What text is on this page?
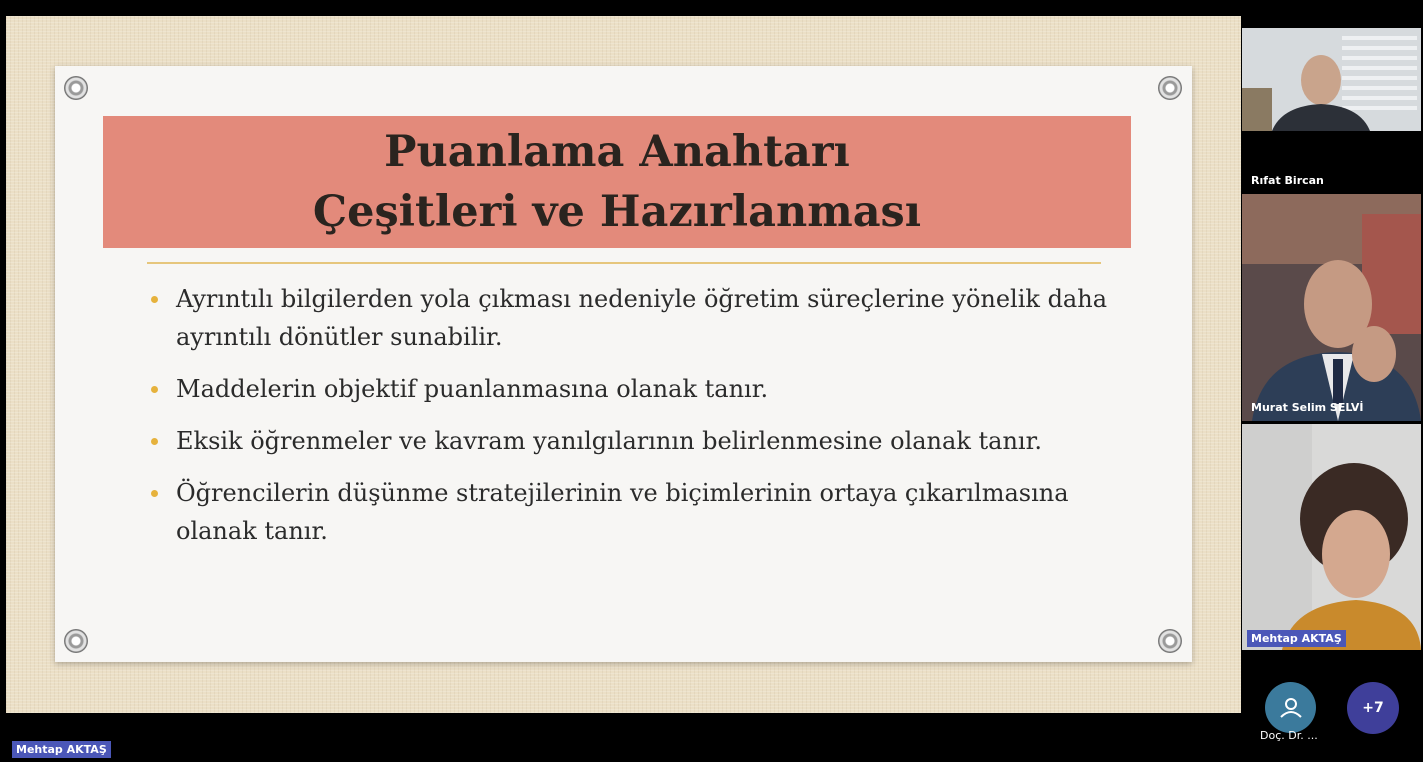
Puanlama Anahtarı
Çeşitleri ve Hazırlanması
Ayrıntılı bilgilerden yola çıkması nedeniyle öğretim süreçlerine yönelik daha ayrıntılı dönütler sunabilir.
Maddelerin objektif puanlanmasına olanak tanır.
Eksik öğrenmeler ve kavram yanılgılarının belirlenmesine olanak tanır.
Öğrencilerin düşünme stratejilerinin ve biçimlerinin ortaya çıkarılmasına olanak tanır.
Mehtap AKTAŞ
Rıfat Bircan
Murat Selim SELVİ
Mehtap AKTAŞ
Doç. Dr. ...
+7
